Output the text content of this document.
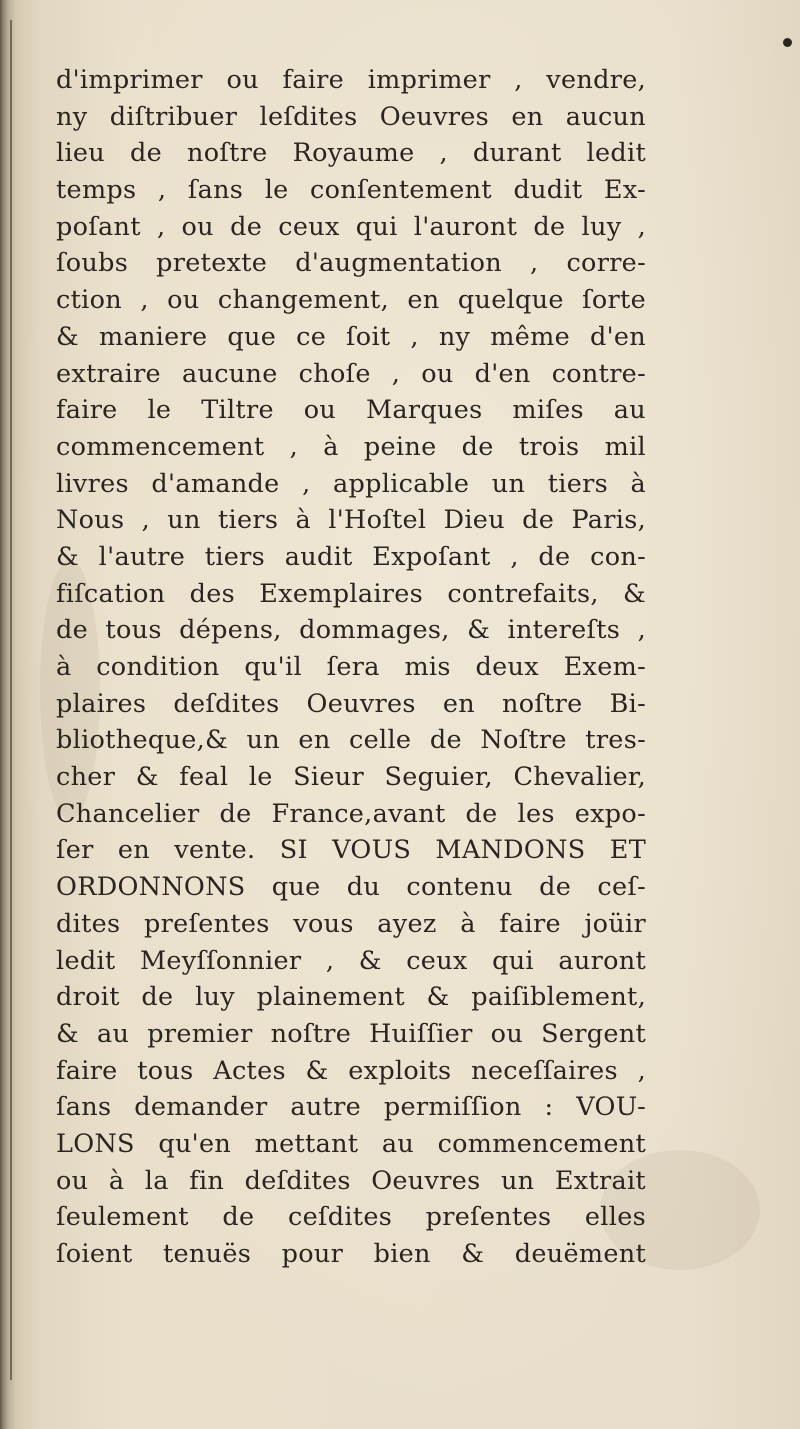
d'imprimer ou faire imprimer , vendre,
ny diſtribuer leſdites Oeuvres en aucun
lieu de noſtre Royaume , durant ledit
temps , ſans le conſentement dudit Ex-
poſant , ou de ceux qui l'auront de luy ,
ſoubs pretexte d'augmentation , corre-
ction , ou changement, en quelque ſorte
& maniere que ce ſoit , ny même d'en
extraire aucune choſe , ou d'en contre-
faire le Tiltre ou Marques miſes au
commencement , à peine de trois mil
livres d'amande , applicable un tiers à
Nous , un tiers à l'Hoſtel Dieu de Paris,
& l'autre tiers audit Expoſant , de con-
fiſcation des Exemplaires contrefaits, &
de tous dépens, dommages, & intereſts ,
à condition qu'il ſera mis deux Exem-
plaires deſdites Oeuvres en noſtre Bi-
bliotheque,& un en celle de Noſtre tres-
cher & feal le Sieur Seguier, Chevalier,
Chancelier de France,avant de les expo-
ſer en vente. SI VOUS MANDONS ET
ORDONNONS que du contenu de ceſ-
dites preſentes vous ayez à faire joüir
ledit Meyſſonnier , & ceux qui auront
droit de luy plainement & paiſiblement,
& au premier noſtre Huiſſier ou Sergent
faire tous Actes & exploits neceſſaires ,
ſans demander autre permiſſion : VOU-
LONS qu'en mettant au commencement
ou à la fin deſdites Oeuvres un Extrait
ſeulement de ceſdites preſentes elles
ſoient tenuës pour bien & deuëment
